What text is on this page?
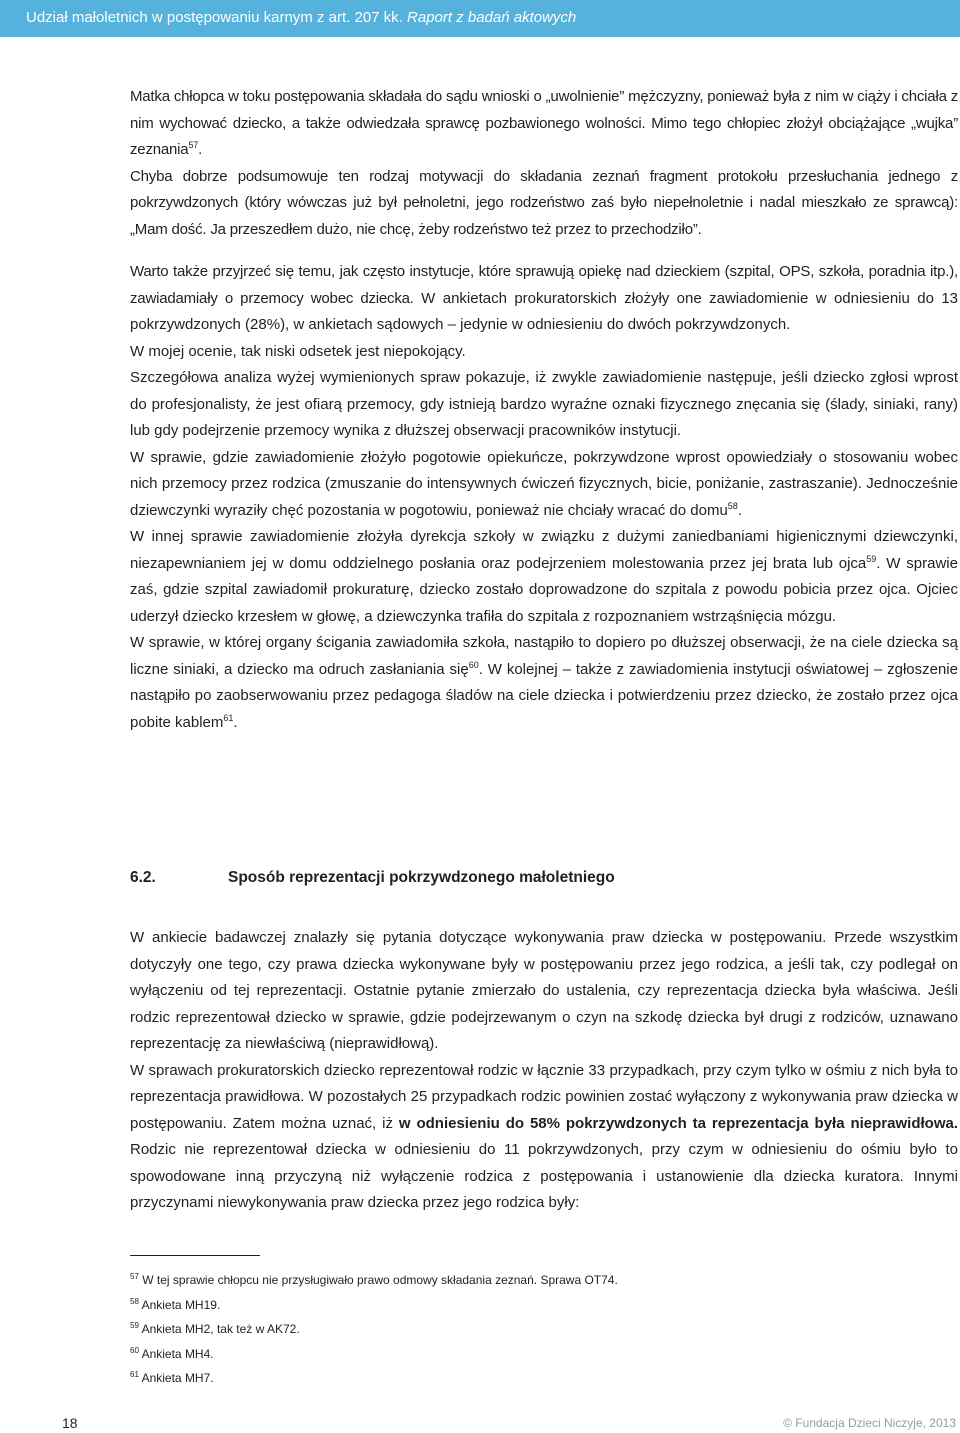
Udział małoletnich w postępowaniu karnym z art. 207 kk. Raport z badań aktowych

Matka chłopca w toku postępowania składała do sądu wnioski o „uwolnienie” mężczyzny, ponieważ była z nim w ciąży i chciała z nim wychować dziecko, a także odwiedzała sprawcę pozbawionego wolności. Mimo tego chłopiec złożył obciążające „wujka” zeznania$^{57}$.

Chyba dobrze podsumowuje ten rodzaj motywacji do składania zeznań fragment protokołu przesłuchania jednego z pokrzywdzonych (który wówczas już był pełnoletni, jego rodzeństwo zaś było niepełnoletnie i nadal mieszkało ze sprawcą): „Mam dość. Ja przeszedłem dużo, nie chcę, żeby rodzeństwo też przez to przechodziło”.

Warto także przyjrzeć się temu, jak często instytucje, które sprawują opiekę nad dzieckiem (szpital, OPS, szkoła, poradnia itp.), zawiadamiały o przemocy wobec dziecka. W ankietach prokuratorskich złożyły one zawiadomienie w odniesieniu do 13 pokrzywdzonych (28%), w ankietach sądowych – jedynie w odniesieniu do dwóch pokrzywdzonych.

W mojej ocenie, tak niski odsetek jest niepokojący.

Szczegółowa analiza wyżej wymienionych spraw pokazuje, iż zwykle zawiadomienie następuje, jeśli dziecko zgłosi wprost do profesjonalisty, że jest ofiarą przemocy, gdy istnieją bardzo wyraźne oznaki fizycznego znęcania się (ślady, siniaki, rany) lub gdy podejrzenie przemocy wynika z dłuższej obserwacji pracowników instytucji.

W sprawie, gdzie zawiadomienie złożyło pogotowie opiekuńcze, pokrzywdzone wprost opowiedziały o stosowaniu wobec nich przemocy przez rodzica (zmuszanie do intensywnych ćwiczeń fizycznych, bicie, poniżanie, zastraszanie). Jednocześnie dziewczynki wyraziły chęć pozostania w pogotowiu, ponieważ nie chciały wracać do domu$^{58}$.

W innej sprawie zawiadomienie złożyła dyrekcja szkoły w związku z dużymi zaniedbaniami higienicznymi dziewczynki, niezapewnianiem jej w domu oddzielnego posłania oraz podejrzeniem molestowania przez jej brata lub ojca$^{59}$. W sprawie zaś, gdzie szpital zawiadomił prokuraturę, dziecko zostało doprowadzone do szpitala z powodu pobicia przez ojca. Ojciec uderzył dziecko krzesłem w głowę, a dziewczynka trafiła do szpitala z rozpoznaniem wstrząśnięcia mózgu.

W sprawie, w której organy ścigania zawiadomiła szkoła, nastąpiło to dopiero po dłuższej obserwacji, że na ciele dziecka są liczne siniaki, a dziecko ma odruch zasłaniania się$^{60}$. W kolejnej – także z zawiadomienia instytucji oświatowej – zgłoszenie nastąpiło po zaobserwowaniu przez pedagoga śladów na ciele dziecka i potwierdzeniu przez dziecko, że zostało przez ojca pobite kablem$^{61}$.

6.2.	Sposób reprezentacji pokrzywdzonego małoletniego

W ankiecie badawczej znalazły się pytania dotyczące wykonywania praw dziecka w postępowaniu. Przede wszystkim dotyczyły one tego, czy prawa dziecka wykonywane były w postępowaniu przez jego rodzica, a jeśli tak, czy podlegał on wyłączeniu od tej reprezentacji. Ostatnie pytanie zmierzało do ustalenia, czy reprezentacja dziecka była właściwa. Jeśli rodzic reprezentował dziecko w sprawie, gdzie podejrzewanym o czyn na szkodę dziecka był drugi z rodziców, uznawano reprezentację za niewłaściwą (nieprawidłową).

W sprawach prokuratorskich dziecko reprezentował rodzic w łącznie 33 przypadkach, przy czym tylko w ośmiu z nich była to reprezentacja prawidłowa. W pozostałych 25 przypadkach rodzic powinien zostać wyłączony z wykonywania praw dziecka w postępowaniu. Zatem można uznać, iż w odniesieniu do 58% pokrzywdzonych ta reprezentacja była nieprawidłowa. Rodzic nie reprezentował dziecka w odniesieniu do 11 pokrzywdzonych, przy czym w odniesieniu do ośmiu było to spowodowane inną przyczyną niż wyłączenie rodzica z postępowania i ustanowienie dla dziecka kuratora. Innymi przyczynami niewykonywania praw dziecka przez jego rodzica były:

$^{57}$ W tej sprawie chłopcu nie przysługiwało prawo odmowy składania zeznań. Sprawa OT74.
$^{58}$ Ankieta MH19.
$^{59}$ Ankieta MH2, tak też w AK72.
$^{60}$ Ankieta MH4.
$^{61}$ Ankieta MH7.
18	© Fundacja Dzieci Niczyje, 2013
